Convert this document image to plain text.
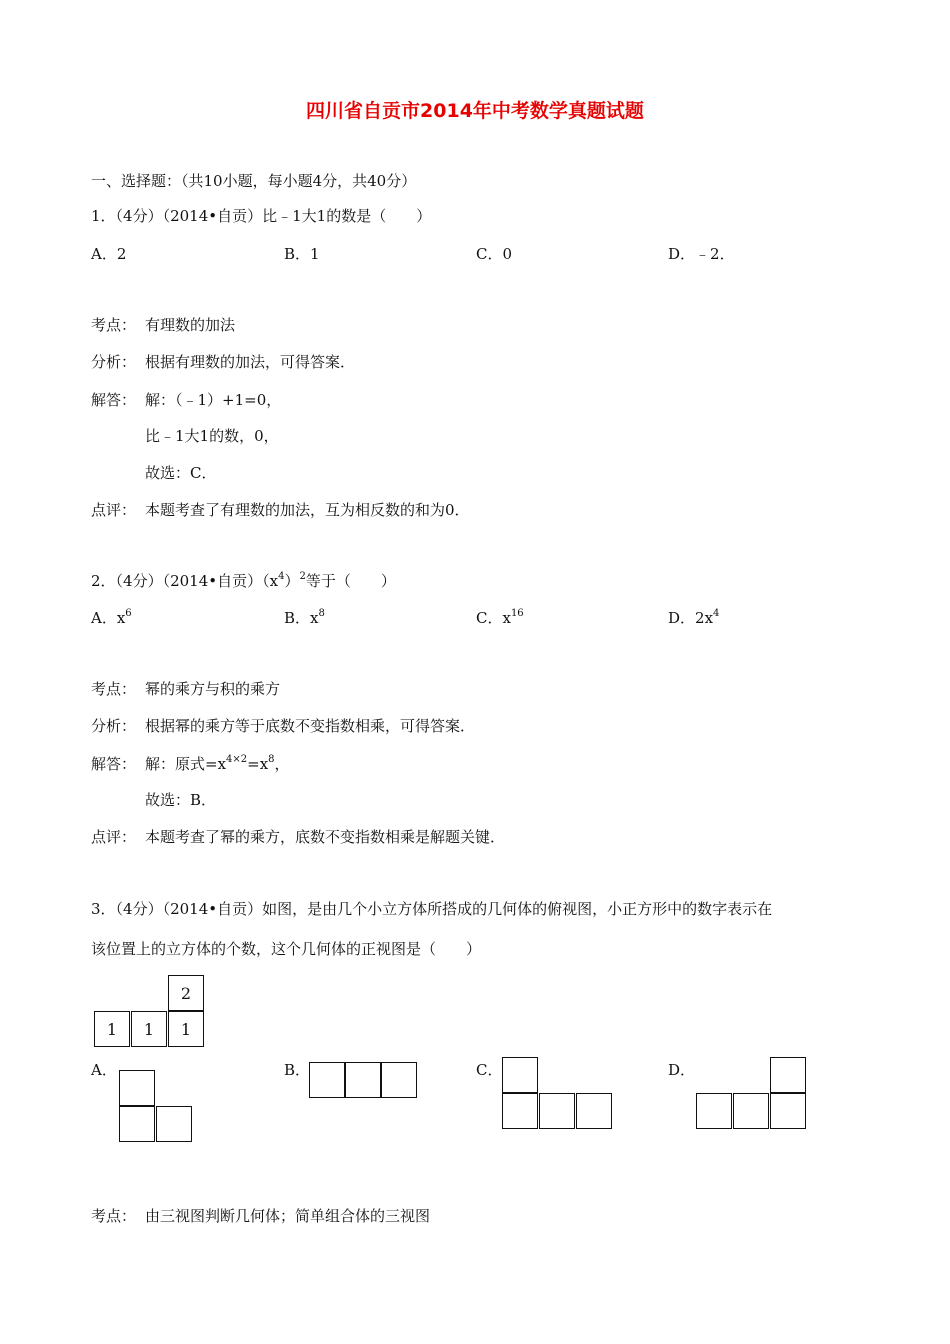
四川省自贡市2014年中考数学真题试题
一、选择题：（共10小题，每小题4分，共40分）
1．（4分）（2014•自贡）比﹣1大1的数是（　　）
A．2	B．1	C．0	D．﹣2．
考点： 有理数的加法
分析： 根据有理数的加法，可得答案．
解答： 解：（﹣1）+1=0，
比﹣1大1的数，0，
故选：C．
点评： 本题考查了有理数的加法，互为相反数的和为0．
2．（4分）（2014•自贡）$(x^4)^2$等于（　　）
A．$x^6$	B．$x^8$	C．$x^{16}$	D．$2x^4$
考点： 幂的乘方与积的乘方
分析： 根据幂的乘方等于底数不变指数相乘，可得答案．
解答： 解：原式$=x^{4\times 2}=x^8$，
故选：B．
点评： 本题考查了幂的乘方，底数不变指数相乘是解题关键．
3．（4分）（2014•自贡）如图，是由几个小立方体所搭成的几何体的俯视图，小正方形中的数字表示在
该位置上的立方体的个数，这个几何体的正视图是（　　）
2
1	1	1
A．	B．	C．	D．
考点： 由三视图判断几何体；简单组合体的三视图
